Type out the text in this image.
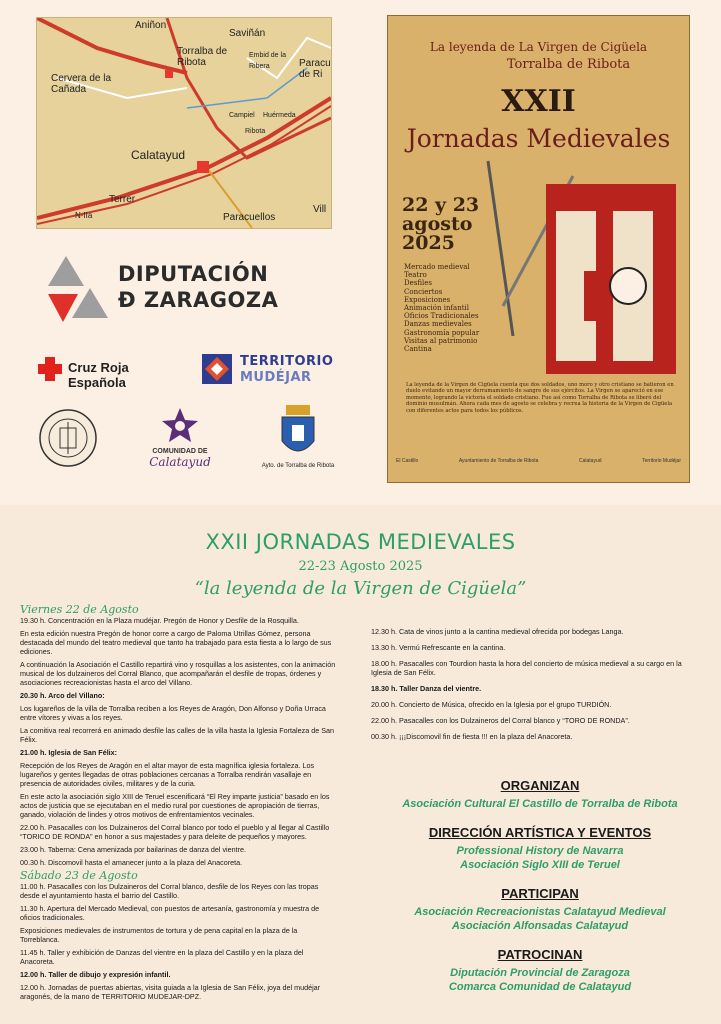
Aniñon
Saviñán
Torralba de Ribota	Paracu de Ri
Cervera de la Cañada
Embid de la Ribera
Campiel Huérmeda
Ribota
Calatayud
Terrer
N-IIa	Paracuellos
Vill
DIPUTACIÓN
Đ ZARAGOZA
Cruz Roja Española
TERRITORIO
MUDÉJAR
COMUNIDAD DE
Calatayud	Ayto. de Torralba de Ribota
La leyenda de La Virgen de Cigüela
Torralba de Ribota
XXII
Jornadas Medievales
22 y 23 agosto 2025
Mercado medieval
Teatro
Desfiles
Conciertos
Exposiciones
Animación infantil
Oficios Tradicionales
Danzas medievales
Gastronomía popular
Visitas al patrimonio
Cantina
La leyenda de la Virgen de Cigüela cuenta que dos soldados, uno moro y otro cristiano se batieron en duelo evitando un mayor derramamiento de sangre de sus ejércitos. La Virgen se apareció en ese momento, logrando la victoria el soldado cristiano. Fue así como Torralba de Ribota se liberó del dominio musulmán. Ahora cada mes de agosto se celebra y recrea la historia de la Virgen de Cigüela con diferentes actos para todos los públicos.
El Castillo	Ayuntamiento de Torralba de Ribota	Calatayud	Territorio Mudéjar
XXII JORNADAS MEDIEVALES
22-23 Agosto 2025
“la leyenda de la Virgen de Cigüela”
Viernes 22 de Agosto

19.30 h. Concentración en la Plaza mudéjar. Pregón de Honor y Desfile de la Rosquilla.

En esta edición nuestra Pregón de honor corre a cargo de Paloma Utrillas Gómez, persona destacada del mundo del teatro medieval que tanto ha trabajado para esta fiesta a lo largo de sus ediciones.

A continuación la Asociación el Castillo repartirá vino y rosquillas a los asistentes, con la animación musical de los dulzaineros del Corral Blanco, que acompañarán el desfile de tropas, órdenes y asociaciones recreacionistas hasta el arco del Villano.

20.30 h. Arco del Villano:

Los lugareños de la villa de Torralba reciben a los Reyes de Aragón, Don Alfonso y Doña Urraca entre vítores y vivas a los reyes.

La comitiva real recorrerá en animado desfile las calles de la villa hasta la Iglesia Fortaleza de San Félix.

21.00 h. Iglesia de San Félix:

Recepción de los Reyes de Aragón en el altar mayor de esta magnífica iglesia fortaleza. Los lugareños y gentes llegadas de otras poblaciones cercanas a Torralba rendirán vasallaje en presencia de autoridades civiles, militares y de la curia.

En este acto la asociación siglo XIII de Teruel escenificará “El Rey imparte justicia” basado en los actos de justicia que se ejecutaban en el medio rural por cuestiones de apropiación de tierras, ganado, violación de lindes y otros motivos de enfrentamientos vecinales.

22.00 h. Pasacalles con los Dulzaineros del Corral blanco por todo el pueblo y al llegar al Castillo “TORICO DE RONDA” en honor a sus majestades y para deleite de pequeños y mayores.

23.00 h. Taberna: Cena amenizada por bailarinas de danza del vientre.

00.30 h. Discomovil hasta el amanecer junto a la plaza del Anacoreta.

Sábado 23 de Agosto

11.00 h. Pasacalles con los Dulzaineros del Corral blanco, desfile de los Reyes con las tropas desde el ayuntamiento hasta el barrio del Castillo.

11.30 h. Apertura del Mercado Medieval, con puestos de artesanía, gastronomía y muestra de oficios tradicionales.

Exposiciones medievales de instrumentos de tortura y de pena capital en la plaza de la Torreblanca.

11.45 h. Taller y exhibición de Danzas del vientre en la plaza del Castillo y en la plaza del Anacoreta.

12.00 h. Taller de dibujo y expresión infantil.

12.00 h. Jornadas de puertas abiertas, visita guiada a la Iglesia de San Félix, joya del mudéjar aragonés, de la mano de TERRITORIO MUDEJAR-DPZ.

12.30 h. Cata de vinos junto a la cantina medieval ofrecida por bodegas Langa.

13.30 h. Vermú Refrescante en la cantina.

18.00 h. Pasacalles con Tourdion hasta la hora del concierto de música medieval a su cargo en la Iglesia de San Félix.

18.30 h. Taller Danza del vientre.

20.00 h. Concierto de Música, ofrecido en la Iglesia por el grupo TURDIÓN.

22.00 h. Pasacalles con los Dulzaineros del Corral blanco y “TORO DE RONDA”.

00.30 h. ¡¡¡Discomovil fin de fiesta !!! en la plaza del Anacoreta.

ORGANIZAN
Asociación Cultural El Castillo de Torralba de Ribota
DIRECCIÓN ARTÍSTICA Y EVENTOS
Professional History de Navarra
Asociación Siglo XIII de Teruel
PARTICIPAN
Asociación Recreacionistas Calatayud Medieval
Asociación Alfonsadas Calatayud
PATROCINAN
Diputación Provincial de Zaragoza
Comarca Comunidad de Calatayud
